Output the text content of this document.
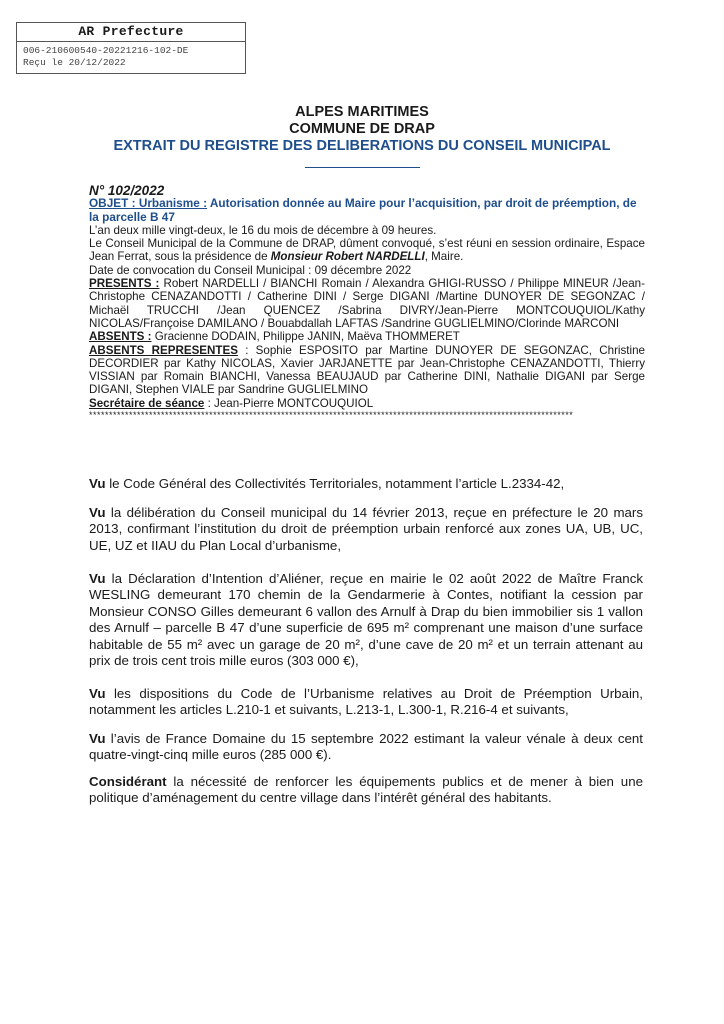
AR Prefecture
006-210600540-20221216-102-DE
Reçu le 20/12/2022
ALPES MARITIMES
COMMUNE DE DRAP
EXTRAIT DU REGISTRE DES DELIBERATIONS DU CONSEIL MUNICIPAL
N° 102/2022
OBJET : Urbanisme : Autorisation donnée au Maire pour l’acquisition, par droit de préemption, de la parcelle B 47
L’an deux mille vingt-deux, le 16 du mois de décembre à 09 heures.
Le Conseil Municipal de la Commune de DRAP, dûment convoqué, s’est réuni en session ordinaire, Espace Jean Ferrat, sous la présidence de Monsieur Robert NARDELLI, Maire.
Date de convocation du Conseil Municipal : 09 décembre 2022
PRESENTS : Robert NARDELLI / BIANCHI Romain / Alexandra GHIGI-RUSSO / Philippe MINEUR /Jean-Christophe CENAZANDOTTI / Catherine DINI / Serge DIGANI /Martine DUNOYER DE SEGONZAC / Michaël TRUCCHI /Jean QUENCEZ /Sabrina DIVRY/Jean-Pierre MONTCOUQUIOL/Kathy NICOLAS/Françoise DAMILANO / Bouabdallah LAFTAS /Sandrine GUGLIELMINO/Clorinde MARCONI
ABSENTS : Gracienne DODAIN, Philippe JANIN, Maëva THOMMERET
ABSENTS REPRESENTES : Sophie ESPOSITO par Martine DUNOYER DE SEGONZAC, Christine DECORDIER par Kathy NICOLAS, Xavier JARJANETTE par Jean-Christophe CENAZANDOTTI, Thierry VISSIAN par Romain BIANCHI, Vanessa BEAUJAUD par Catherine DINI, Nathalie DIGANI par Serge DIGANI, Stephen VIALE par Sandrine GUGLIELMINO
Secrétaire de séance : Jean-Pierre MONTCOUQUIOL
*************************************************************************************************************************
Vu le Code Général des Collectivités Territoriales, notamment l’article L.2334-42,
Vu la délibération du Conseil municipal du 14 février 2013, reçue en préfecture le 20 mars 2013, confirmant l’institution du droit de préemption urbain renforcé aux zones UA, UB, UC, UE, UZ et IIAU du Plan Local d’urbanisme,
Vu la Déclaration d’Intention d’Aliéner, reçue en mairie le 02 août 2022 de Maître Franck WESLING demeurant 170 chemin de la Gendarmerie à Contes, notifiant la cession par Monsieur CONSO Gilles demeurant 6 vallon des Arnulf à Drap du bien immobilier sis 1 vallon des Arnulf – parcelle B 47 d’une superficie de 695 m² comprenant une maison d’une surface habitable de 55 m² avec un garage de 20 m², d’une cave de 20 m² et un terrain attenant au prix de trois cent trois mille euros (303 000 €),
Vu les dispositions du Code de l’Urbanisme relatives au Droit de Préemption Urbain, notamment les articles L.210-1 et suivants, L.213-1, L.300-1, R.216-4 et suivants,
Vu l’avis de France Domaine du 15 septembre 2022 estimant la valeur vénale à deux cent quatre-vingt-cinq mille euros (285 000 €).
Considérant la nécessité de renforcer les équipements publics et de mener à bien une politique d’aménagement du centre village dans l’intérêt général des habitants.
